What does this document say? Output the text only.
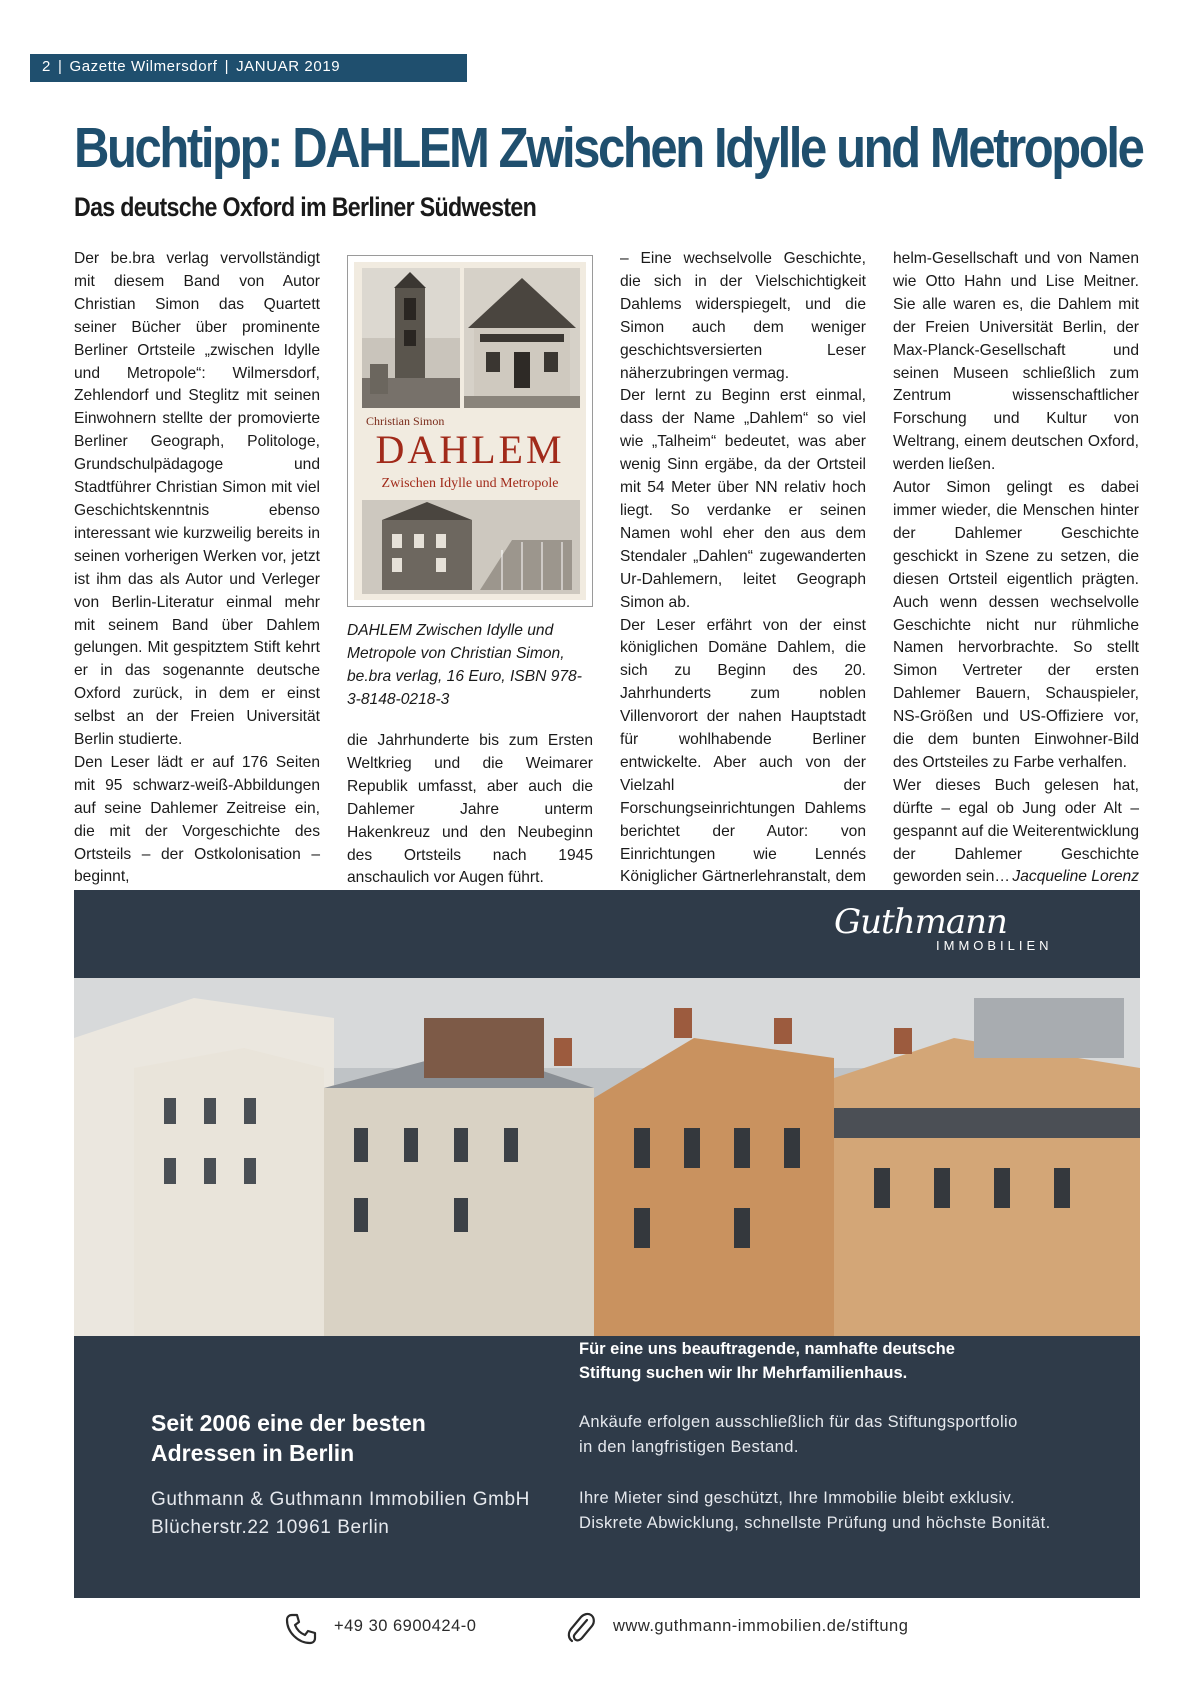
2 | Gazette Wilmersdorf | JANUAR 2019
Buchtipp: DAHLEM Zwischen Idylle und Metropole
Das deutsche Oxford im Berliner Südwesten

Der be.bra verlag vervollständigt mit diesem Band von Autor Christian Simon das Quartett seiner Bücher über prominente Berliner Ortsteile „zwischen Idylle und Metropole“: Wilmersdorf, Zehlendorf und Steglitz mit seinen Einwohnern stellte der promovierte Berliner Geograph, Politologe, Grundschulpädagoge und Stadtführer Christian Simon mit viel Geschichtskenntnis ebenso interessant wie kurzweilig bereits in seinen vorherigen Werken vor, jetzt ist ihm das als Autor und Verleger von Berlin-Literatur einmal mehr mit seinem Band über Dahlem gelungen. Mit gespitztem Stift kehrt er in das sogenannte deutsche Oxford zurück, in dem er einst selbst an der Freien Universität Berlin studierte.

Den Leser lädt er auf 176 Seiten mit 95 schwarz-weiß-Abbildungen auf seine Dahlemer Zeitreise ein, die mit der Vorgeschichte des Ortsteils – der Ostkolonisation – beginnt,

Christian Simon
DAHLEM
Zwischen Idylle und Metropole

DAHLEM Zwischen Idylle und Metropole von Christian Simon, be.bra verlag, 16 Euro, ISBN 978-3-8148-0218-3

die Jahrhunderte bis zum Ersten Weltkrieg und die Weimarer Republik umfasst, aber auch die Dahlemer Jahre unterm Hakenkreuz und den Neubeginn des Ortsteils nach 1945 anschaulich vor Augen führt.

– Eine wechselvolle Geschichte, die sich in der Vielschichtigkeit Dahlems widerspiegelt, und die Simon auch dem weniger geschichtsversierten Leser näherzubringen vermag.

Der lernt zu Beginn erst einmal, dass der Name „Dahlem“ so viel wie „Talheim“ bedeutet, was aber wenig Sinn ergäbe, da der Ortsteil mit 54 Meter über NN relativ hoch liegt. So verdanke er seinen Namen wohl eher den aus dem Stendaler „Dahlen“ zugewanderten Ur-Dahlemern, leitet Geograph Simon ab.

Der Leser erfährt von der einst königlichen Domäne Dahlem, die sich zu Beginn des 20. Jahrhunderts zum noblen Villenvorort der nahen Hauptstadt für wohlhabende Berliner entwickelte. Aber auch von der Vielzahl der Forschungseinrichtungen Dahlems berichtet der Autor: von Einrichtungen wie Lennés Königlicher Gärtnerlehranstalt, dem

helm-Gesellschaft und von Namen wie Otto Hahn und Lise Meitner. Sie alle waren es, die Dahlem mit der Freien Universität Berlin, der Max-Planck-Gesellschaft und seinen Museen schließlich zum Zentrum wissenschaftlicher Forschung und Kultur von Weltrang, einem deutschen Oxford, werden ließen.

Autor Simon gelingt es dabei immer wieder, die Menschen hinter der Dahlemer Geschichte geschickt in Szene zu setzen, die diesen Ortsteil eigentlich prägten. Auch wenn dessen wechselvolle Geschichte nicht nur rühmliche Namen hervorbrachte. So stellt Simon Vertreter der ersten Dahlemer Bauern, Schauspieler, NS-Größen und US-Offiziere vor, die dem bunten Einwohner-Bild des Ortsteiles zu Farbe verhalfen.

Wer dieses Buch gelesen hat, dürfte – egal ob Jung oder Alt – gespannt auf die Weiterentwicklung der Dahlemer Geschichte geworden sein… Jacqueline Lorenz

Guthmann
IMMOBILIEN
Seit 2006 eine der besten
Adressen in Berlin
Guthmann & Guthmann Immobilien GmbH
Blücherstr.22 10961 Berlin
Für eine uns beauftragende, namhafte deutsche
Stiftung suchen wir Ihr Mehrfamilienhaus.
Ankäufe erfolgen ausschließlich für das Stiftungsportfolio
in den langfristigen Bestand.
Ihre Mieter sind geschützt, Ihre Immobilie bleibt exklusiv.
Diskrete Abwicklung, schnellste Prüfung und höchste Bonität.
+49 30 6900424-0	www.guthmann-immobilien.de/stiftung
